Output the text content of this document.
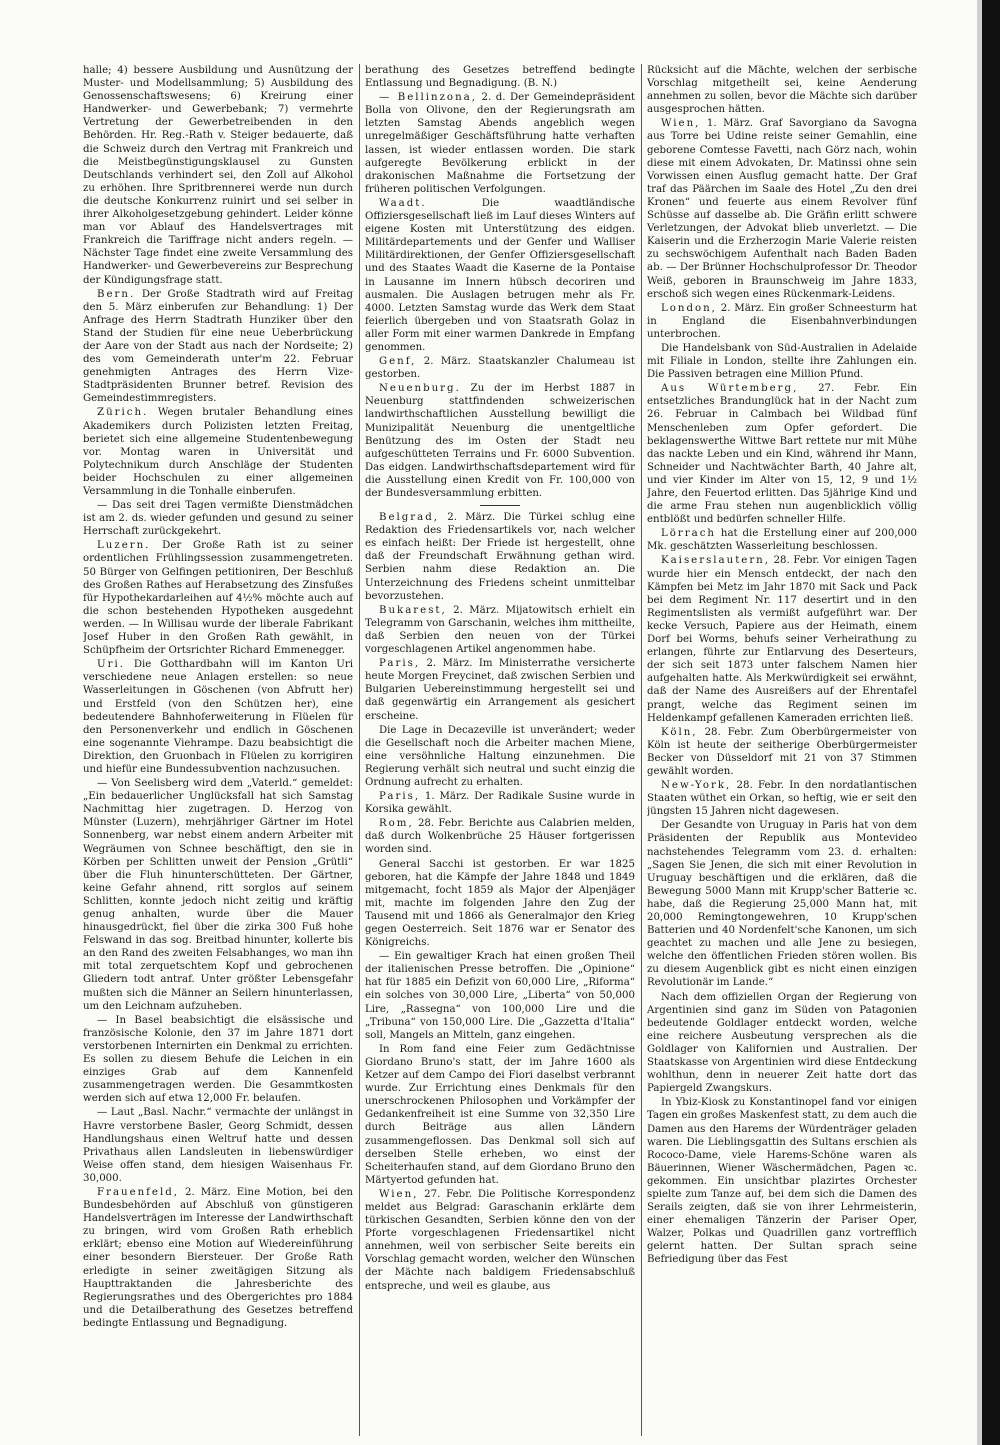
halle; 4) bessere Ausbildung und Ausnützung der Muster- und Modellsammlung; 5) Ausbildung des Genossenschaftswesens; 6) Kreirung einer Handwerker- und Gewerbebank; 7) vermehrte Vertretung der Gewerbetreibenden in den Behörden. Hr. Reg.-Rath v. Steiger bedauerte, daß die Schweiz durch den Vertrag mit Frankreich und die Meistbegünstigungsklausel zu Gunsten Deutschlands verhindert sei, den Zoll auf Alkohol zu erhöhen. Ihre Spritbrennerei werde nun durch die deutsche Konkurrenz ruinirt und sei selber in ihrer Alkoholgesetzgebung gehindert. Leider könne man vor Ablauf des Handelsvertrages mit Frankreich die Tariffrage nicht anders regeln. — Nächster Tage findet eine zweite Versammlung des Handwerker- und Gewerbevereins zur Besprechung der Kündigungsfrage statt.

Bern. Der Große Stadtrath wird auf Freitag den 5. März einberufen zur Behandlung: 1) Der Anfrage des Herrn Stadtrath Hunziker über den Stand der Studien für eine neue Ueberbrückung der Aare von der Stadt aus nach der Nordseite; 2) des vom Gemeinderath unter'm 22. Februar genehmigten Antrages des Herrn Vize-Stadtpräsidenten Brunner betref. Revision des Gemeindestimmregisters.

Zürich. Wegen brutaler Behandlung eines Akademikers durch Polizisten letzten Freitag, berietet sich eine allgemeine Studentenbewegung vor. Montag waren in Universität und Polytechnikum durch Anschläge der Studenten beider Hochschulen zu einer allgemeinen Versammlung in die Tonhalle einberufen.

— Das seit drei Tagen vermißte Dienstmädchen ist am 2. ds. wieder gefunden und gesund zu seiner Herrschaft zurückgekehrt.

Luzern. Der Große Rath ist zu seiner ordentlichen Frühlingssession zusammengetreten. 50 Bürger von Gelfingen petitioniren, Der Beschluß des Großen Rathes auf Herabsetzung des Zinsfußes für Hypothekardarleihen auf 4½% möchte auch auf die schon bestehenden Hypotheken ausgedehnt werden. — In Willisau wurde der liberale Fabrikant Josef Huber in den Großen Rath gewählt, in Schüpfheim der Ortsrichter Richard Emmenegger.

Uri. Die Gotthardbahn will im Kanton Uri verschiedene neue Anlagen erstellen: so neue Wasserleitungen in Göschenen (von Abfrutt her) und Erstfeld (von den Schützen her), eine bedeutendere Bahnhoferweiterung in Flüelen für den Personenverkehr und endlich in Göschenen eine sogenannte Viehrampe. Dazu beabsichtigt die Direktion, den Gruonbach in Flüelen zu korrigiren und hiefür eine Bundessubvention nachzusuchen.

— Von Seelisberg wird dem „Vaterld.“ gemeldet: „Ein bedauerlicher Unglücksfall hat sich Samstag Nachmittag hier zugetragen. D. Herzog von Münster (Luzern), mehrjähriger Gärtner im Hotel Sonnenberg, war nebst einem andern Arbeiter mit Wegräumen von Schnee beschäftigt, den sie in Körben per Schlitten unweit der Pension „Grütli“ über die Fluh hinunterschütteten. Der Gärtner, keine Gefahr ahnend, ritt sorglos auf seinem Schlitten, konnte jedoch nicht zeitig und kräftig genug anhalten, wurde über die Mauer hinausgedrückt, fiel über die zirka 300 Fuß hohe Felswand in das sog. Breitbad hinunter, kollerte bis an den Rand des zweiten Felsabhanges, wo man ihn mit total zerquetschtem Kopf und gebrochenen Gliedern todt antraf. Unter größter Lebensgefahr mußten sich die Männer an Seilern hinunterlassen, um den Leichnam aufzuheben.

— In Basel beabsichtigt die elsässische und französische Kolonie, den 37 im Jahre 1871 dort verstorbenen Internirten ein Denkmal zu errichten. Es sollen zu diesem Behufe die Leichen in ein einziges Grab auf dem Kannenfeld zusammengetragen werden. Die Gesammtkosten werden sich auf etwa 12,000 Fr. belaufen.

— Laut „Basl. Nachr.“ vermachte der unlängst in Havre verstorbene Basler, Georg Schmidt, dessen Handlungshaus einen Weltruf hatte und dessen Privathaus allen Landsleuten in liebenswürdiger Weise offen stand, dem hiesigen Waisenhaus Fr. 30,000.

Frauenfeld, 2. März. Eine Motion, bei den Bundesbehörden auf Abschluß von günstigeren Handelsverträgen im Interesse der Landwirthschaft zu bringen, wird vom Großen Rath erheblich erklärt; ebenso eine Motion auf Wiedereinführung einer besondern Biersteuer. Der Große Rath erledigte in seiner zweitägigen Sitzung als Haupttraktanden die Jahresberichte des Regierungsrathes und des Obergerichtes pro 1884 und die Detailberathung des Gesetzes betreffend bedingte Entlassung und Begnadigung.

berathung des Gesetzes betreffend bedingte Entlassung und Begnadigung. (B. N.)

— Bellinzona, 2. d. Der Gemeindepräsident Bolla von Olivone, den der Regierungsrath am letzten Samstag Abends angeblich wegen unregelmäßiger Geschäftsführung hatte verhaften lassen, ist wieder entlassen worden. Die stark aufgeregte Bevölkerung erblickt in der drakonischen Maßnahme die Fortsetzung der früheren politischen Verfolgungen.

Waadt.	Die waadtländische Offiziersgesellschaft ließ im Lauf dieses Winters auf eigene Kosten mit Unterstützung des eidgen. Militärdepartements und der Genfer und Walliser Militärdirektionen, der Genfer Offiziersgesellschaft und des Staates Waadt die Kaserne de la Pontaise in Lausanne im Innern hübsch decoriren und ausmalen. Die Auslagen betrugen mehr als Fr. 4000. Letzten Samstag wurde das Werk dem Staat feierlich übergeben und von Staatsrath Golaz in aller Form mit einer warmen Dankrede in Empfang genommen.

Genf, 2. März. Staatskanzler Chalumeau ist gestorben.

Neuenburg. Zu der im Herbst 1887 in Neuenburg stattfindenden schweizerischen landwirthschaftlichen Ausstellung bewilligt die Munizipalität Neuenburg die unentgeltliche Benützung des im Osten der Stadt neu aufgeschütteten Terrains und Fr. 6000 Subvention. Das eidgen. Landwirthschaftsdepartement wird für die Ausstellung einen Kredit von Fr. 100,000 von der Bundesversammlung erbitten.

Belgrad, 2. März. Die Türkei schlug eine Redaktion des Friedensartikels vor, nach welcher es einfach heißt: Der Friede ist hergestellt, ohne daß der Freundschaft Erwähnung gethan wird. Serbien nahm diese Redaktion an. Die Unterzeichnung des Friedens scheint unmittelbar bevorzustehen.

Bukarest, 2. März. Mijatowitsch erhielt ein Telegramm von Garschanin, welches ihm mittheilte, daß Serbien den neuen von der Türkei vorgeschlagenen Artikel angenommen habe.

Paris, 2. März. Im Ministerrathe versicherte heute Morgen Freycinet, daß zwischen Serbien und Bulgarien Uebereinstimmung hergestellt sei und daß gegenwärtig ein Arrangement als gesichert erscheine.

Die Lage in Decazeville ist unverändert; weder die Gesellschaft noch die Arbeiter machen Miene, eine versöhnliche Haltung einzunehmen. Die Regierung verhält sich neutral und sucht einzig die Ordnung aufrecht zu erhalten.

Paris, 1. März. Der Radikale Susine wurde in Korsika gewählt.

Rom, 28. Febr. Berichte aus Calabrien melden, daß durch Wolkenbrüche 25 Häuser fortgerissen worden sind.

General Sacchi ist gestorben. Er war 1825 geboren, hat die Kämpfe der Jahre 1848 und 1849 mitgemacht, focht 1859 als Major der Alpenjäger mit, machte im folgenden Jahre den Zug der Tausend mit und 1866 als Generalmajor den Krieg gegen Oesterreich. Seit 1876 war er Senator des Königreichs.

— Ein gewaltiger Krach hat einen großen Theil der italienischen Presse betroffen. Die „Opinione“ hat für 1885 ein Defizit von 60,000 Lire, „Riforma“ ein solches von 30,000 Lire, „Liberta“ von 50,000 Lire, „Rassegna“ von 100,000 Lire und die „Tribuna“ von 150,000 Lire. Die „Gazzetta d'Italia“ soll, Mangels an Mitteln, ganz eingehen.

In Rom fand eine Feier zum Gedächtnisse Giordano Bruno's statt, der im Jahre 1600 als Ketzer auf dem Campo dei Fiori daselbst verbrannt wurde. Zur Errichtung eines Denkmals für den unerschrockenen Philosophen und Vorkämpfer der Gedankenfreiheit ist eine Summe von 32,350 Lire durch Beiträge aus allen Ländern zusammengeflossen. Das Denkmal soll sich auf derselben Stelle erheben, wo einst der Scheiterhaufen stand, auf dem Giordano Bruno den Märtyertod gefunden hat.

Wien, 27. Febr. Die Politische Korrespondenz meldet aus Belgrad: Garaschanin erklärte dem türkischen Gesandten, Serbien könne den von der Pforte vorgeschlagenen Friedensartikel nicht annehmen, weil von serbischer Seite bereits ein Vorschlag gemacht worden, welcher den Wünschen der Mächte nach baldigem Friedensabschluß entspreche, und weil es glaube, aus

Rücksicht auf die Mächte, welchen der serbische Vorschlag mitgetheilt sei, keine Aenderung annehmen zu sollen, bevor die Mächte sich darüber ausgesprochen hätten.

Wien, 1. März. Graf Savorgiano da Savogna aus Torre bei Udine reiste seiner Gemahlin, eine geborene Comtesse Favetti, nach Görz nach, wohin diese mit einem Advokaten, Dr. Matinssi ohne sein Vorwissen einen Ausflug gemacht hatte. Der Graf traf das Päärchen im Saale des Hotel „Zu den drei Kronen“ und feuerte aus einem Revolver fünf Schüsse auf dasselbe ab. Die Gräfin erlitt schwere Verletzungen, der Advokat blieb unverletzt. — Die Kaiserin und die Erzherzogin Marie Valerie reisten zu sechswöchigem Aufenthalt nach Baden Baden ab. — Der Brünner Hochschulprofessor Dr. Theodor Weiß, geboren in Braunschweig im Jahre 1833, erschoß sich wegen eines Rückenmark-Leidens.

London, 2. März. Ein großer Schneesturm hat in England die Eisenbahnverbindungen unterbrochen.

Die Handelsbank von Süd-Australien in Adelaide mit Filiale in London, stellte ihre Zahlungen ein. Die Passiven betragen eine Million Pfund.

Aus Würtemberg, 27. Febr. Ein entsetzliches Brandunglück hat in der Nacht zum 26. Februar in Calmbach bei Wildbad fünf Menschenleben zum Opfer gefordert. Die beklagenswerthe Wittwe Bart rettete nur mit Mühe das nackte Leben und ein Kind, während ihr Mann, Schneider und Nachtwächter Barth, 40 Jahre alt, und vier Kinder im Alter von 15, 12, 9 und 1½ Jahre, den Feuertod erlitten. Das 5jährige Kind und die arme Frau stehen nun augenblicklich völlig entblößt und bedürfen schneller Hilfe.

Lörrach hat die Erstellung einer auf 200,000 Mk. geschätzten Wasserleitung beschlossen.

Kaiserslautern, 28. Febr. Vor einigen Tagen wurde hier ein Mensch entdeckt, der nach den Kämpfen bei Metz im Jahr 1870 mit Sack und Pack bei dem Regiment Nr. 117 desertirt und in den Regimentslisten als vermißt aufgeführt war. Der kecke Versuch, Papiere aus der Heimath, einem Dorf bei Worms, behufs seiner Verheirathung zu erlangen, führte zur Entlarvung des Deserteurs, der sich seit 1873 unter falschem Namen hier aufgehalten hatte. Als Merkwürdigkeit sei erwähnt, daß der Name des Ausreißers auf der Ehrentafel prangt, welche das Regiment seinen im Heldenkampf gefallenen Kameraden errichten ließ.

Köln, 28. Febr. Zum Oberbürgermeister von Köln ist heute der seitherige Oberbürgermeister Becker von Düsseldorf mit 21 von 37 Stimmen gewählt worden.

New-York, 28. Febr. In den nordatlantischen Staaten wüthet ein Orkan, so heftig, wie er seit den jüngsten 15 Jahren nicht dagewesen.

Der Gesandte von Uruguay in Paris hat von dem Präsidenten der Republik aus Montevideo nachstehendes Telegramm vom 23. d. erhalten: „Sagen Sie Jenen, die sich mit einer Revolution in Uruguay beschäftigen und die erklären, daß die Bewegung 5000 Mann mit Krupp'scher Batterie ꝛc. habe, daß die Regierung 25,000 Mann hat, mit 20,000 Remingtongewehren, 10 Krupp'schen Batterien und 40 Nordenfelt'sche Kanonen, um sich geachtet zu machen und alle Jene zu besiegen, welche den öffentlichen Frieden stören wollen. Bis zu diesem Augenblick gibt es nicht einen einzigen Revolutionär im Lande.“

Nach dem offiziellen Organ der Regierung von Argentinien sind ganz im Süden von Patagonien bedeutende Goldlager entdeckt worden, welche eine reichere Ausbeutung versprechen als die Goldlager von Kalifornien und Australien. Der Staatskasse von Argentinien wird diese Entdeckung wohlthun, denn in neuerer Zeit hatte dort das Papiergeld Zwangskurs.

In Ybiz-Kiosk zu Konstantinopel fand vor einigen Tagen ein großes Maskenfest statt, zu dem auch die Damen aus den Harems der Würdenträger geladen waren. Die Lieblingsgattin des Sultans erschien als Rococo-Dame, viele Harems-Schöne waren als Bäuerinnen, Wiener Wäschermädchen, Pagen ꝛc. gekommen. Ein unsichtbar plazirtes Orchester spielte zum Tanze auf, bei dem sich die Damen des Serails zeigten, daß sie von ihrer Lehrmeisterin, einer ehemaligen Tänzerin der Pariser Oper, Walzer, Polkas und Quadrillen ganz vortrefflich gelernt hatten. Der Sultan sprach seine Befriedigung über das Fest
